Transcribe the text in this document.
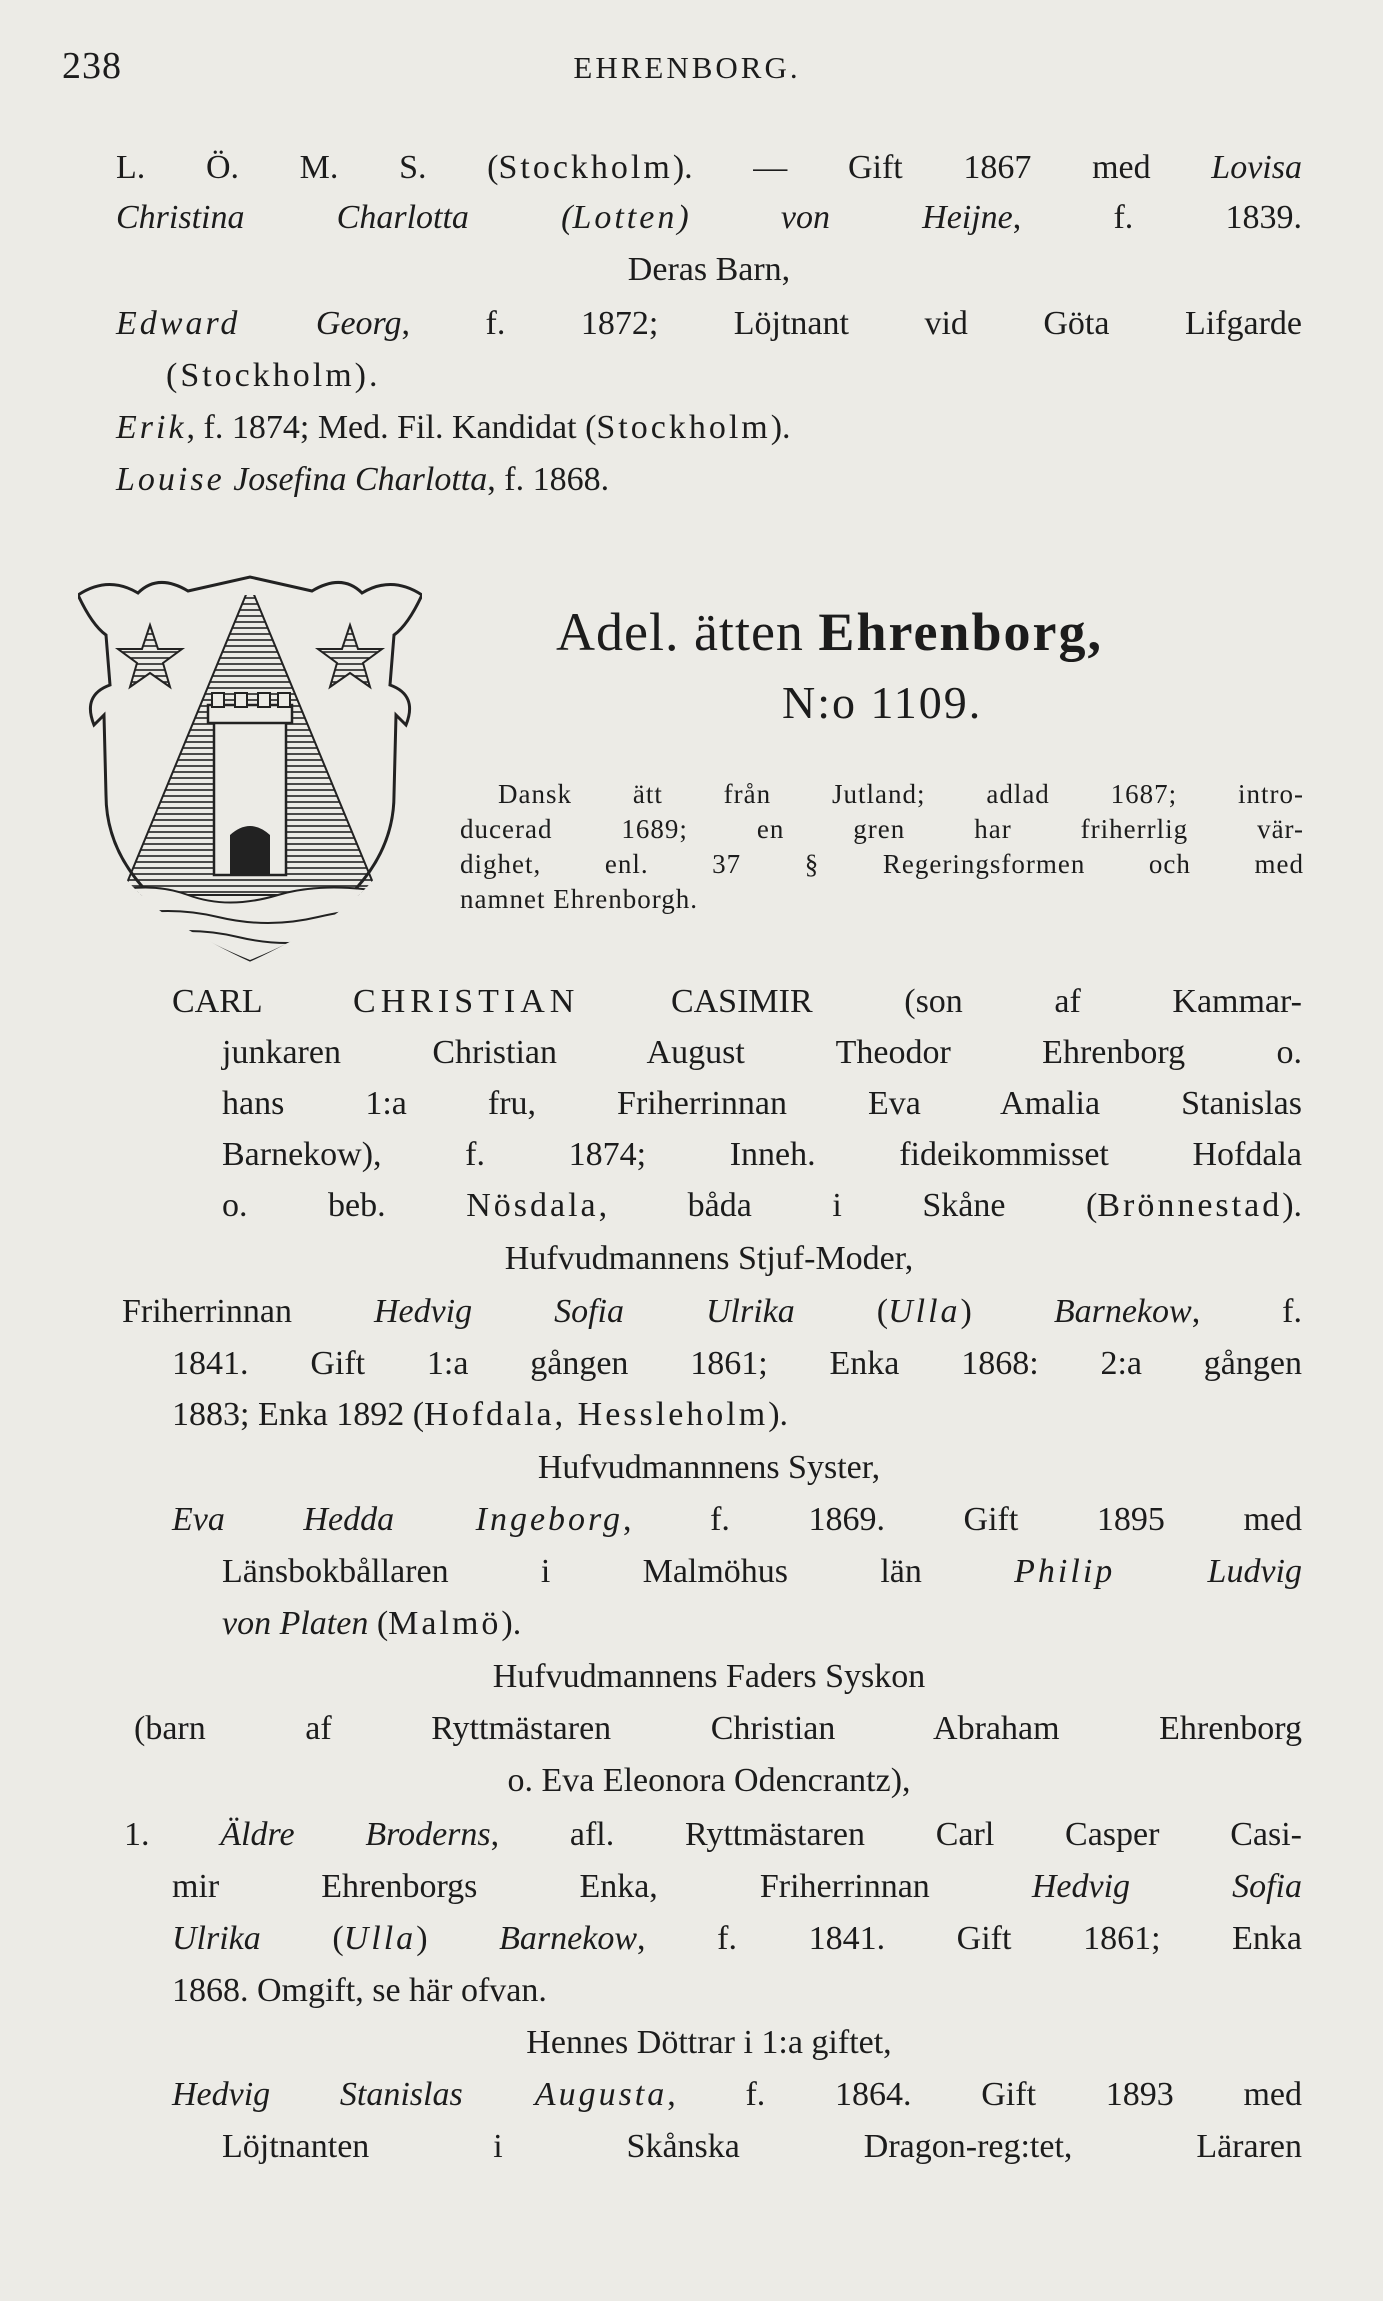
238	EHRENBORG.
L. Ö. M. S. (Stockholm). — Gift 1867 med Lovisa
Christina Charlotta (Lotten) von Heijne, f. 1839.
Deras Barn,
Edward Georg, f. 1872; Löjtnant vid Göta Lifgarde
(Stockholm).
Erik, f. 1874; Med. Fil. Kandidat (Stockholm).
Louise Josefina Charlotta, f. 1868.
Adel. ätten Ehrenborg,
N:o 1109.
Dansk ätt från Jutland; adlad 1687; intro-
ducerad 1689; en gren har friherrlig vär-
dighet, enl. 37 § Regeringsformen och med
namnet Ehrenborgh.
CARL CHRISTIAN CASIMIR (son af Kammar-
junkaren Christian August Theodor Ehrenborg o.
hans 1:a fru, Friherrinnan Eva Amalia Stanislas
Barnekow), f. 1874; Inneh. fideikommisset Hofdala
o. beb. Nösdala, båda i Skåne (Brönnestad).
Hufvudmannens Stjuf-Moder,
Friherrinnan Hedvig Sofia Ulrika (Ulla) Barnekow, f.
1841. Gift 1:a gången 1861; Enka 1868: 2:a gången
1883; Enka 1892 (Hofdala, Hessleholm).
Hufvudmannnens Syster,
Eva Hedda Ingeborg, f. 1869. Gift 1895 med
Länsbokbållaren i Malmöhus län Philip Ludvig
von Platen (Malmö).
Hufvudmannens Faders Syskon
(barn af Ryttmästaren Christian Abraham Ehrenborg
o. Eva Eleonora Odencrantz),
1. Äldre Broderns, afl. Ryttmästaren Carl Casper Casi-
mir Ehrenborgs Enka, Friherrinnan Hedvig Sofia
Ulrika (Ulla) Barnekow, f. 1841. Gift 1861; Enka
1868. Omgift, se här ofvan.
Hennes Döttrar i 1:a giftet,
Hedvig Stanislas Augusta, f. 1864. Gift 1893 med
Löjtnanten i Skånska Dragon-reg:tet, Läraren
